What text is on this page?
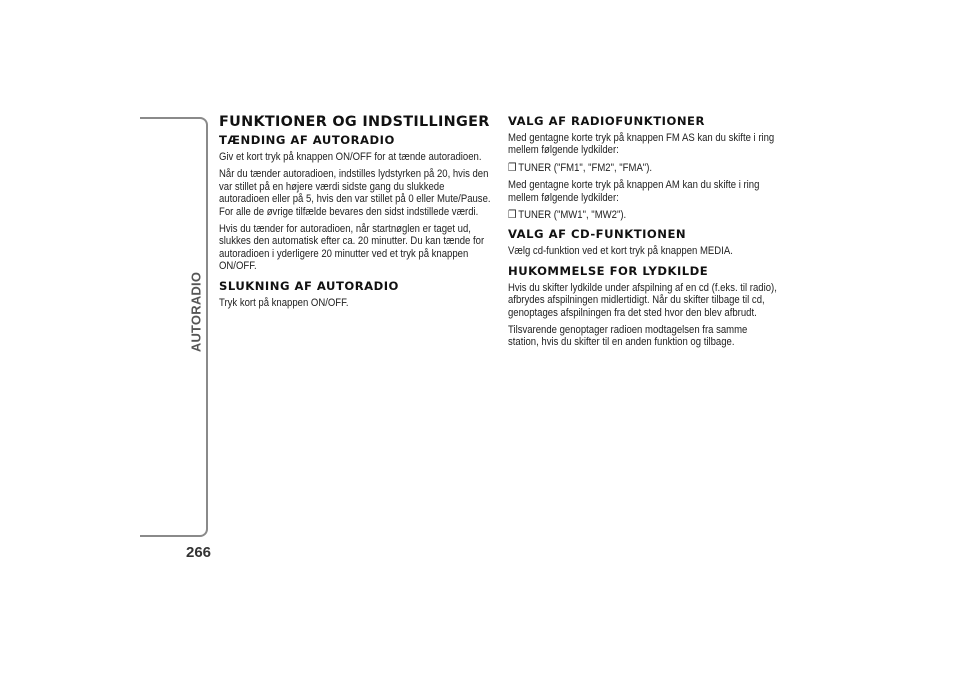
AUTORADIO
266
FUNKTIONER OG INDSTILLINGER
TÆNDING AF AUTORADIO

Giv et kort tryk på knappen ON/OFF for at tænde autoradioen.

Når du tænder autoradioen, indstilles lydstyrken på 20, hvis den var stillet på en højere værdi sidste gang du slukkede autoradioen eller på 5, hvis den var stillet på 0 eller Mute/Pause. For alle de øvrige tilfælde bevares den sidst indstillede værdi.

Hvis du tænder for autoradioen, når startnøglen er taget ud, slukkes den automatisk efter ca. 20 minutter. Du kan tænde for autoradioen i yderligere 20 minutter ved et tryk på knappen ON/OFF.

SLUKNING AF AUTORADIO

Tryk kort på knappen ON/OFF.

VALG AF RADIOFUNKTIONER

Med gentagne korte tryk på knappen FM AS kan du skifte i ring mellem følgende lydkilder:

❒ TUNER ("FM1", "FM2", "FMA").

Med gentagne korte tryk på knappen AM kan du skifte i ring mellem følgende lydkilder:

❒ TUNER ("MW1", "MW2").

VALG AF CD-FUNKTIONEN

Vælg cd-funktion ved et kort tryk på knappen MEDIA.

HUKOMMELSE FOR LYDKILDE

Hvis du skifter lydkilde under afspilning af en cd (f.eks. til radio), afbrydes afspilningen midlertidigt. Når du skifter tilbage til cd, genoptages afspilningen fra det sted hvor den blev afbrudt.

Tilsvarende genoptager radioen modtagelsen fra samme station, hvis du skifter til en anden funktion og tilbage.
